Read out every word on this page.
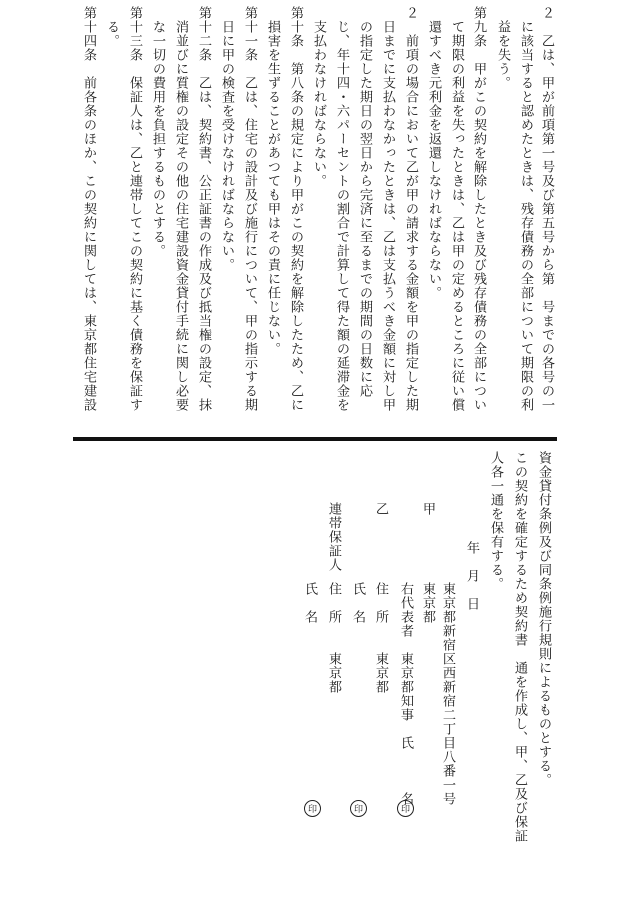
２　乙は、甲が前項第一号及び第五号から第　号までの各号の一
に該当すると認めたときは、残存債務の全部について期限の利
益を失う。
第九条　甲がこの契約を解除したとき及び残存債務の全部につい
て期限の利益を失ったときは、乙は甲の定めるところに従い償
還すべき元利金を返還しなければならない。
２　前項の場合において乙が甲の請求する金額を甲の指定した期
日までに支払わなかったときは、乙は支払うべき金額に対し甲
の指定した期日の翌日から完済に至るまでの期間の日数に応
じ、年十四・六パーセントの割合で計算して得た額の延滞金を
支払わなければならない。
第十条　第八条の規定により甲がこの契約を解除したため、乙に
損害を生ずることがあつても甲はその責に任じない。
第十一条　乙は、住宅の設計及び施行について、甲の指示する期
日に甲の検査を受けなければならない。
第十二条　乙は、契約書、公正証書の作成及び抵当権の設定、抹
消並びに質権の設定その他の住宅建設資金貸付手続に関し必要
な一切の費用を負担するものとする。
第十三条　保証人は、乙と連帯してこの契約に基く債務を保証す
る。
第十四条　前各条のほか、この契約に関しては、東京都住宅建設
資金貸付条例及び同条例施行規則によるものとする。
この契約を確定するため契約書　通を作成し、甲、乙及び保証
人各一通を保有する。
年　月　日
甲
東京都新宿区西新宿二丁目八番一号
東京都
右代表者　東京都知事　氏　　　名
印
乙
住　所　　東京都
氏　名
印
連帯保証人
住　所　　東京都
氏　名
印
